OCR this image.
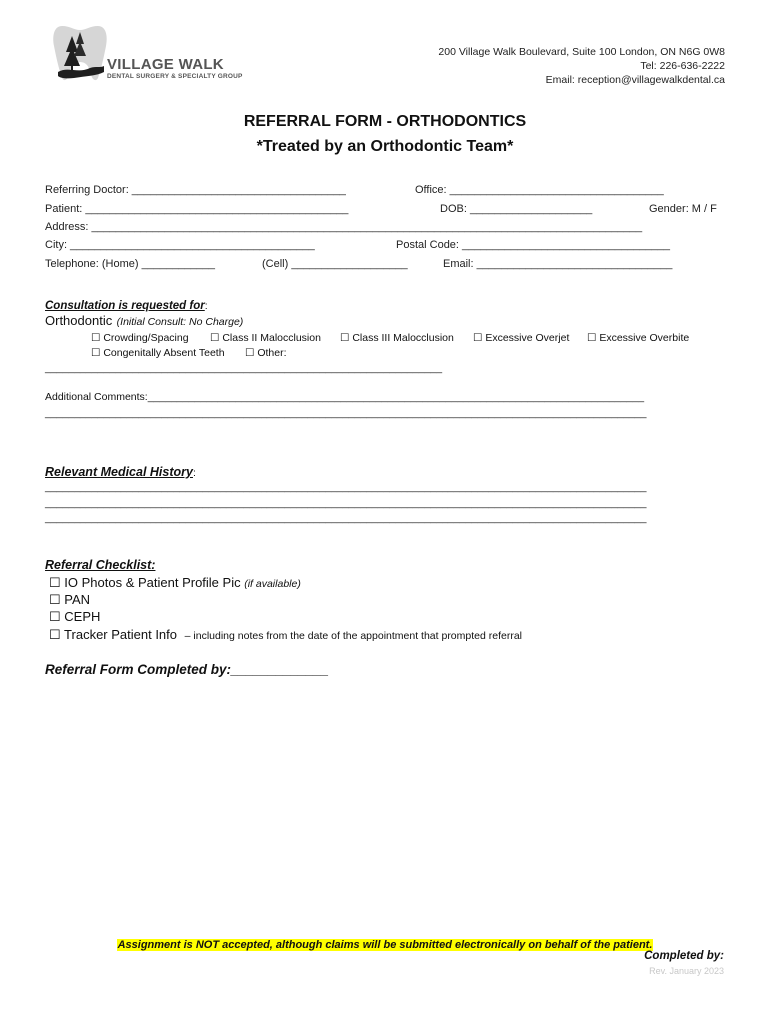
VILLAGE WALK
DENTAL SURGERY & SPECIALTY GROUP
200 Village Walk Boulevard, Suite 100 London, ON N6G 0W8
Tel: 226-636-2222
Email: reception@villagewalkdental.ca
REFERRAL FORM - ORTHODONTICS
*Treated by an Orthodontic Team*
Referring Doctor: ___________________________________	Office: ___________________________________
Patient: ___________________________________________	DOB: ____________________	Gender: M / F
Address: __________________________________________________________________________________________
City: ________________________________________	Postal Code: __________________________________
Telephone: (Home) ____________	(Cell) ___________________	Email: ________________________________
Consultation is requested for:
Orthodontic (Initial Consult: No Charge)
☐ Crowding/Spacing ☐ Class II Malocclusion ☐ Class III Malocclusion ☐ Excessive Overjet ☐ Excessive Overbite
☐ Congenitally Absent Teeth ☐ Other:
____________________________________________________________________
Additional Comments:_____________________________________________________________________________________
_______________________________________________________________________________________________________
Relevant Medical History:
_______________________________________________________________________________________________________
_______________________________________________________________________________________________________
_______________________________________________________________________________________________________
Referral Checklist:
☐ IO Photos & Patient Profile Pic (if available)
☐ PAN
☐ CEPH
☐ Tracker Patient Info – including notes from the date of the appointment that prompted referral
Referral Form Completed by:_____________
Assignment is NOT accepted, although claims will be submitted electronically on behalf of the patient.
Completed by:
Rev. January 2023
